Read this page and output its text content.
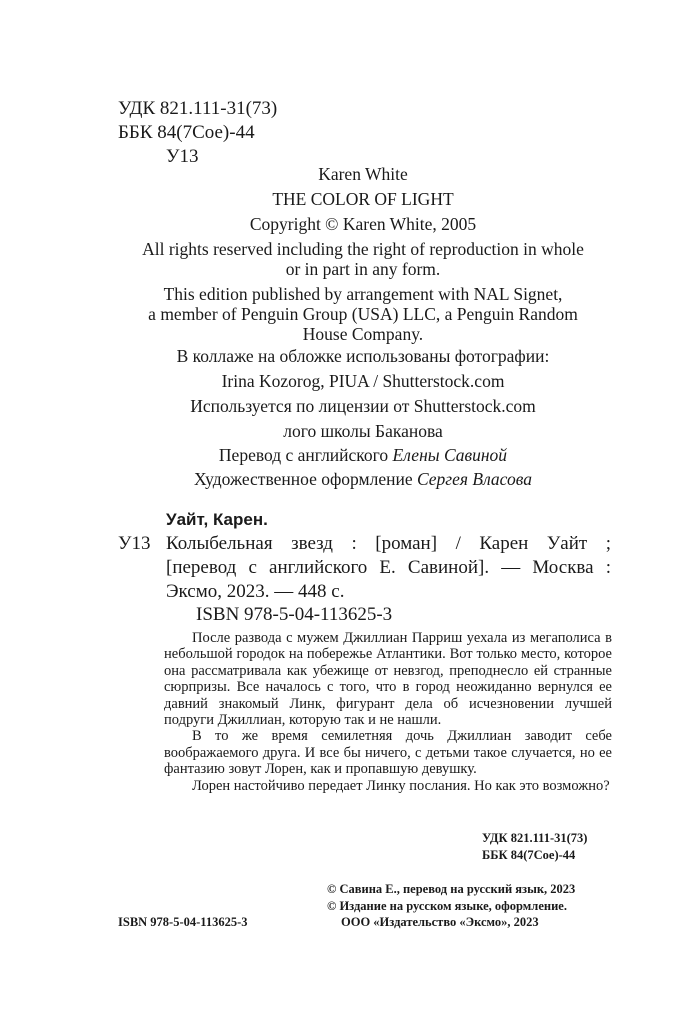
УДК 821.111-31(73)
ББК 84(7Сое)-44
У13
Karen White
THE COLOR OF LIGHT
Copyright © Karen White, 2005
All rights reserved including the right of reproduction in whole
or in part in any form.
This edition published by arrangement with NAL Signet,
a member of Penguin Group (USA) LLC, a Penguin Random
House Company.
В коллаже на обложке использованы фотографии:
Irina Kozorog, PIUA / Shutterstock.com
Используется по лицензии от Shutterstock.com
лого школы Баканова
Перевод с английского Елены Савиной
Художественное оформление Сергея Власова
Уайт, Карен.
У13 Колыбельная звезд : [роман] / Карен Уайт ;
[перевод с английского Е. Савиной]. — Москва :
Эксмо, 2023. — 448 с.
ISBN 978-5-04-113625-3

После развода с мужем Джиллиан Парриш уехала из мегаполиса в небольшой городок на побережье Атлантики. Вот только место, которое она рассматривала как убежище от невзгод, преподнесло ей странные сюрпризы. Все началось с того, что в город неожиданно вернулся ее давний знакомый Линк, фигурант дела об исчезновении лучшей подруги Джиллиан, которую так и не нашли.

В то же время семилетняя дочь Джиллиан заводит себе воображаемого друга. И все бы ничего, с детьми такое случается, но ее фантазию зовут Лорен, как и пропавшую девушку.

Лорен настойчиво передает Линку послания. Но как это возможно?

УДК 821.111-31(73)
ББК 84(7Сое)-44
© Савина Е., перевод на русский язык, 2023
© Издание на русском языке, оформление.
ISBN 978-5-04-113625-3	ООО «Издательство «Эксмо», 2023
